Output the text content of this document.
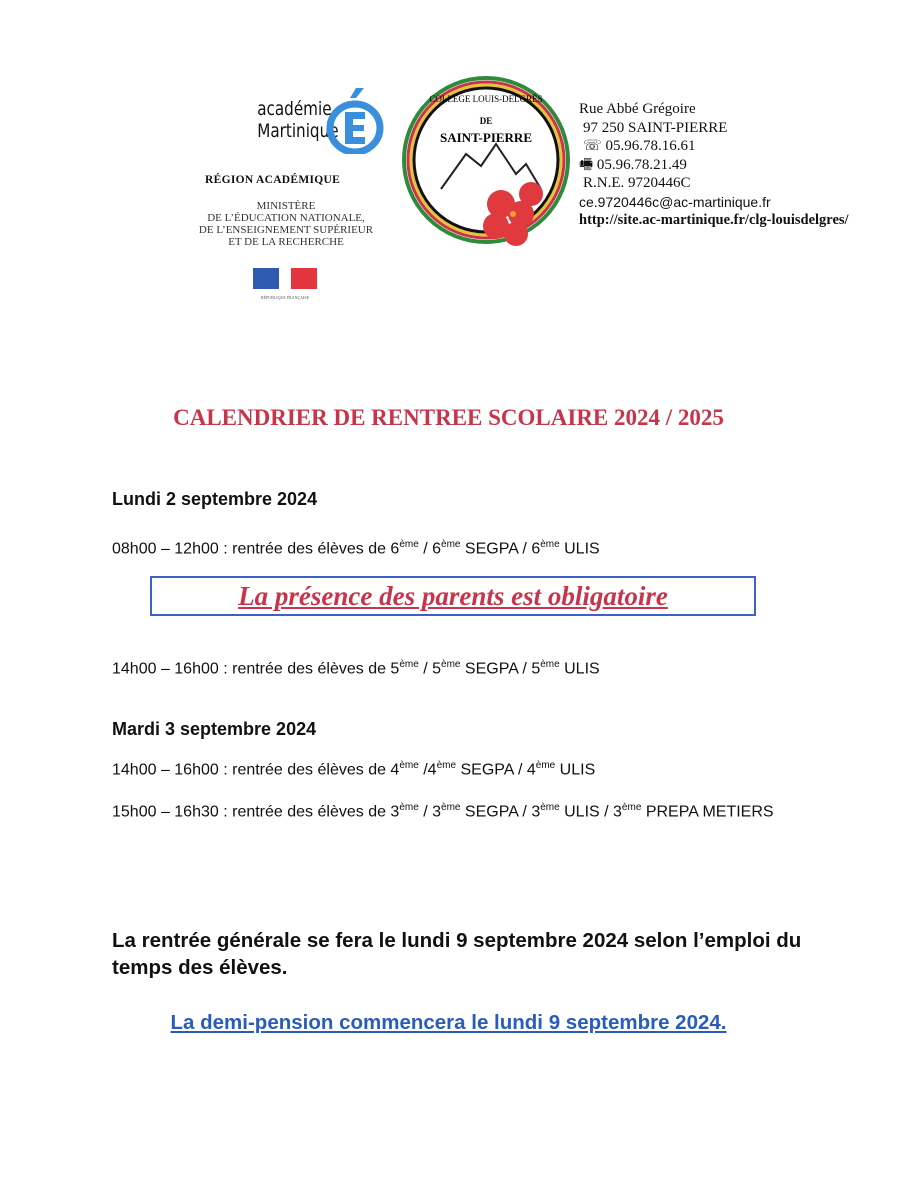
académie
Martinique
RÉGION ACADÉMIQUE
MINISTÈRE
DE L’ÉDUCATION NATIONALE,
DE L’ENSEIGNEMENT SUPÉRIEUR
ET DE LA RECHERCHE
RÉPUBLIQUE FRANÇAISE
DE
SAINT-PIERRE
COLLEGE LOUIS-DELGRÈS
Rue Abbé Grégoire
97 250 SAINT-PIERRE
☏ 05.96.78.16.61
🖷 05.96.78.21.49
R.N.E. 9720446C
ce.9720446c@ac-martinique.fr
http://site.ac-martinique.fr/clg-louisdelgres/
CALENDRIER DE RENTREE SCOLAIRE 2024 / 2025
Lundi 2 septembre 2024
08h00 – 12h00 : rentrée des élèves de 6ème / 6ème SEGPA / 6ème ULIS
La présence des parents est obligatoire
14h00 – 16h00 : rentrée des élèves de 5ème / 5ème SEGPA / 5ème ULIS
Mardi 3 septembre 2024
14h00 – 16h00 : rentrée des élèves de 4ème /4ème SEGPA / 4ème ULIS
15h00 – 16h30 : rentrée des élèves de 3ème / 3ème SEGPA / 3ème ULIS / 3ème PREPA METIERS
La rentrée générale se fera le lundi 9 septembre 2024 selon l’emploi du temps des élèves.
La demi-pension commencera le lundi 9 septembre 2024.
